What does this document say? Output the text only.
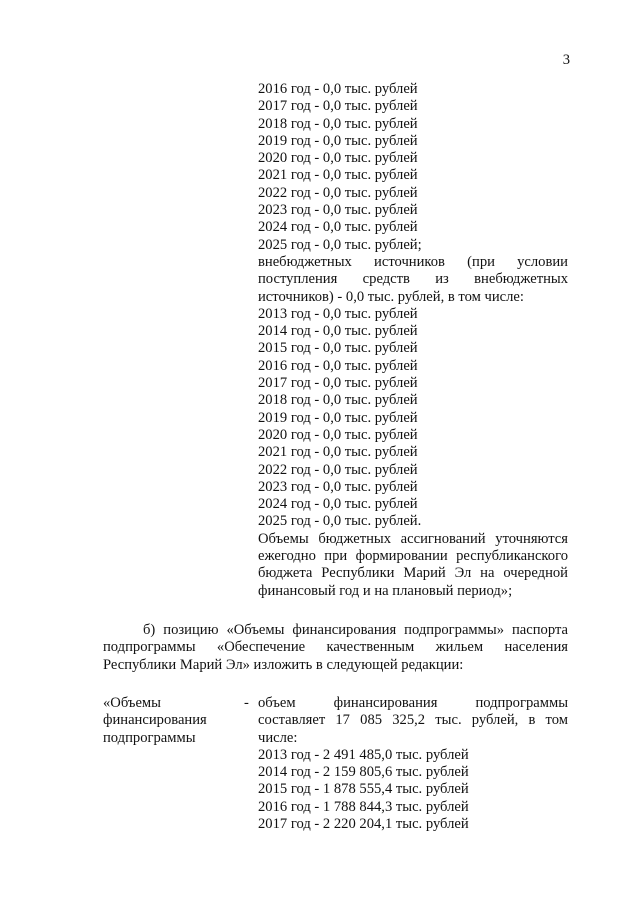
3
2016 год - 0,0 тыс. рублей
2017 год - 0,0 тыс. рублей
2018 год - 0,0 тыс. рублей
2019 год - 0,0 тыс. рублей
2020 год - 0,0 тыс. рублей
2021 год - 0,0 тыс. рублей
2022 год - 0,0 тыс. рублей
2023 год - 0,0 тыс. рублей
2024 год - 0,0 тыс. рублей
2025 год - 0,0 тыс. рублей;
внебюджетных источников (при условии
поступления средств из внебюджетных
источников) - 0,0 тыс. рублей, в том числе:
2013 год - 0,0 тыс. рублей
2014 год - 0,0 тыс. рублей
2015 год - 0,0 тыс. рублей
2016 год - 0,0 тыс. рублей
2017 год - 0,0 тыс. рублей
2018 год - 0,0 тыс. рублей
2019 год - 0,0 тыс. рублей
2020 год - 0,0 тыс. рублей
2021 год - 0,0 тыс. рублей
2022 год - 0,0 тыс. рублей
2023 год - 0,0 тыс. рублей
2024 год - 0,0 тыс. рублей
2025 год - 0,0 тыс. рублей.
Объемы бюджетных ассигнований уточняются
ежегодно при формировании республиканского
бюджета Республики Марий Эл на очередной
финансовый год и на плановый период»;
б) позицию «Объемы финансирования подпрограммы» паспорта подпрограммы «Обеспечение качественным жильем населения Республики Марий Эл» изложить в следующей редакции:
«Объемы
финансирования
подпрограммы
- объем финансирования подпрограммы
составляет 17 085 325,2 тыс. рублей, в том
числе:
2013 год - 2 491 485,0 тыс. рублей
2014 год - 2 159 805,6 тыс. рублей
2015 год - 1 878 555,4 тыс. рублей
2016 год - 1 788 844,3 тыс. рублей
2017 год - 2 220 204,1 тыс. рублей
